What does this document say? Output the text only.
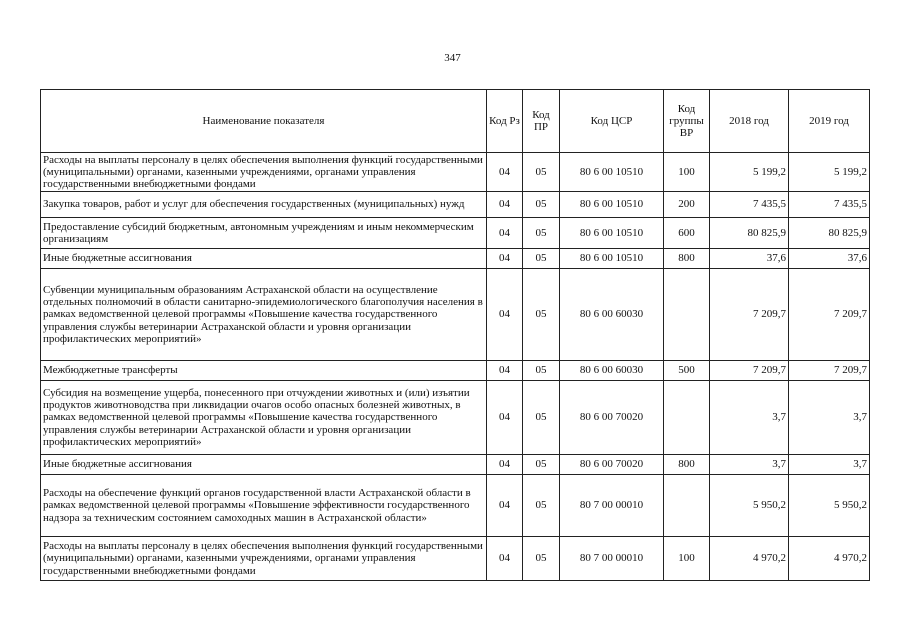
347
Наименование показателя	Код Рз	Код ПР	Код ЦСР	Код группы ВР	2018 год	2019 год
Расходы на выплаты персоналу в целях обеспечения выполнения функций государственными (муниципальными) органами, казенными учреждениями, органами управления государственными внебюджетными фондами	04	05	80 6 00 10510	100	5 199,2	5 199,2
Закупка товаров, работ и услуг для обеспечения государственных (муниципальных) нужд	04	05	80 6 00 10510	200	7 435,5	7 435,5
Предоставление субсидий бюджетным, автономным учреждениям и иным некоммерческим организациям	04	05	80 6 00 10510	600	80 825,9	80 825,9
Иные бюджетные ассигнования	04	05	80 6 00 10510	800	37,6	37,6
Субвенции муниципальным образованиям Астраханской области на осуществление отдельных полномочий в области санитарно-эпидемиологического благополучия населения в рамках ведомственной целевой программы «Повышение качества государственного управления службы ветеринарии Астраханской области и уровня организации профилактических мероприятий»	04	05	80 6 00 60030		7 209,7	7 209,7
Межбюджетные трансферты	04	05	80 6 00 60030	500	7 209,7	7 209,7
Субсидия на возмещение ущерба, понесенного при отчуждении животных и (или) изъятии продуктов животноводства при ликвидации очагов особо опасных болезней животных, в рамках ведомственной целевой программы «Повышение качества государственного управления службы ветеринарии Астраханской области и уровня организации профилактических мероприятий»	04	05	80 6 00 70020		3,7	3,7
Иные бюджетные ассигнования	04	05	80 6 00 70020	800	3,7	3,7
Расходы на обеспечение функций органов государственной власти Астраханской области в рамках ведомственной целевой программы «Повышение эффективности государственного надзора за техническим состоянием самоходных машин в Астраханской области»	04	05	80 7 00 00010		5 950,2	5 950,2
Расходы на выплаты персоналу в целях обеспечения выполнения функций государственными (муниципальными) органами, казенными учреждениями, органами управления государственными внебюджетными фондами	04	05	80 7 00 00010	100	4 970,2	4 970,2
